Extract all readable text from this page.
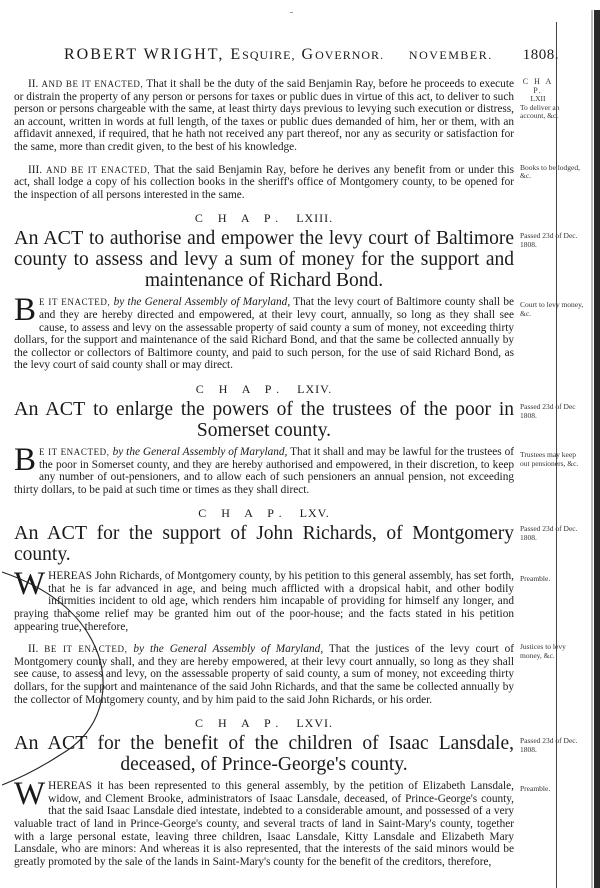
ROBERT WRIGHT, ESQUIRE, GOVERNOR.	NOVEMBER. 1808.

II. AND BE IT ENACTED, That it shall be the duty of the said Benjamin Ray, before he proceeds to execute or distrain the property of any person or persons for taxes or public dues in virtue of this act, to deliver to such person or persons chargeable with the same, at least thirty days previous to levying such execution or distress, an account, written in words at full length, of the taxes or public dues demanded of him, her or them, with an affidavit annexed, if required, that he hath not received any part thereof, nor any as security or satisfaction for the same, more than credit given, to the best of his knowledge.

C H A P.
LXII
To deliver an account, &c.

III. AND BE IT ENACTED, That the said Benjamin Ray, before he derives any benefit from or under this act, shall lodge a copy of his collection books in the sheriff's office of Montgomery county, to be opened for the inspection of all persons interested in the same.

Books to be lodged, &c.

C H A P. LXIII.

An ACT to authorise and empower the levy court of Baltimore county to assess and levy a sum of money for the support and maintenance of Richard Bond.

Passed 23d of Dec. 1808.

B E IT ENACTED, by the General Assembly of Maryland, That the levy court of Baltimore county shall be and they are hereby directed and empowered, at their levy court, annually, so long as they shall see cause, to assess and levy on the assessable property of said county a sum of money, not exceeding thirty dollars, for the support and maintenance of the said Richard Bond, and that the same be collected annually by the collector or collectors of Baltimore county, and paid to such person, for the use of said Richard Bond, as the levy court of said county shall or may direct.

Court to levy money, &c.

C H A P. LXIV.

An ACT to enlarge the powers of the trustees of the poor in Somerset county.

Passed 23d of Dec 1808.

B E IT ENACTED, by the General Assembly of Maryland, That it shall and may be lawful for the trustees of the poor in Somerset county, and they are hereby authorised and empowered, in their discretion, to keep any number of out-pensioners, and to allow each of such pensioners an annual pension, not exceeding thirty dollars, to be paid at such time or times as they shall direct.

Trustees may keep out pensioners, &c.

C H A P. LXV.

An ACT for the support of John Richards, of Montgomery county.

Passed 23d of Dec. 1808.

WHEREAS John Richards, of Montgomery county, by his petition to this general assembly, has set forth, that he is far advanced in age, and being much afflicted with a dropsical habit, and other bodily infirmities incident to old age, which renders him incapable of providing for himself any longer, and praying that some relief may be granted him out of the poor-house; and the facts stated in his petition appearing true, therefore,

Preamble.

II. BE IT ENACTED, by the General Assembly of Maryland, That the justices of the levy court of Montgomery county shall, and they are hereby empowered, at their levy court annually, so long as they shall see cause, to assess and levy, on the assessable property of said county, a sum of money, not exceeding thirty dollars, for the support and maintenance of the said John Richards, and that the same be collected annually by the collector of Montgomery county, and by him paid to the said John Richards, or his order.

Justices to levy money, &c.

C H A P. LXVI.

An ACT for the benefit of the children of Isaac Lansdale, deceased, of Prince-George's county.

Passed 23d of Dec. 1808.

WHEREAS it has been represented to this general assembly, by the petition of Elizabeth Lansdale, widow, and Clement Brooke, administrators of Isaac Lansdale, deceased, of Prince-George's county, that the said Isaac Lansdale died intestate, indebted to a considerable amount, and possessed of a very valuable tract of land in Prince-George's county, and several tracts of land in Saint-Mary's county, together with a large personal estate, leaving three children, Isaac Lansdale, Kitty Lansdale and Elizabeth Mary Lansdale, who are minors: And whereas it is also represented, that the interests of the said minors would be greatly promoted by the sale of the lands in Saint-Mary's county for the benefit of the creditors, therefore,

Preamble.
